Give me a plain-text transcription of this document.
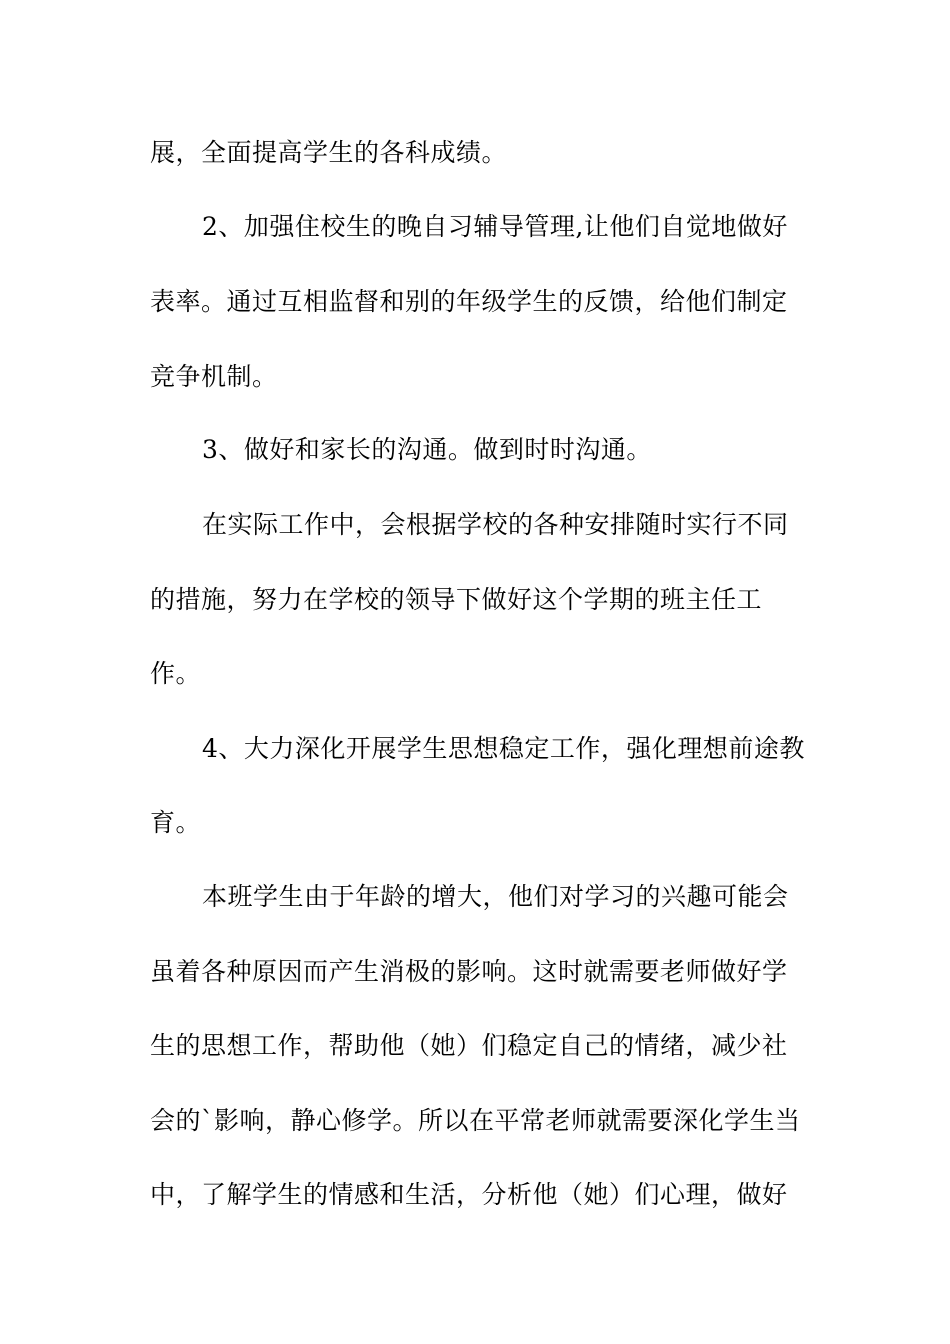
展，全面提高学生的各科成绩。
2、加强住校生的晚自习辅导管理,让他们自觉地做好
表率。通过互相监督和别的年级学生的反馈，给他们制定
竞争机制。
3、做好和家长的沟通。做到时时沟通。
在实际工作中，会根据学校的各种安排随时实行不同
的措施，努力在学校的领导下做好这个学期的班主任工
作。
4、大力深化开展学生思想稳定工作，强化理想前途教
育。
本班学生由于年龄的增大，他们对学习的兴趣可能会
虽着各种原因而产生消极的影响。这时就需要老师做好学
生的思想工作，帮助他（她）们稳定自己的情绪，减少社
会的`影响，静心修学。所以在平常老师就需要深化学生当
中，了解学生的情感和生活，分析他（她）们心理，做好
